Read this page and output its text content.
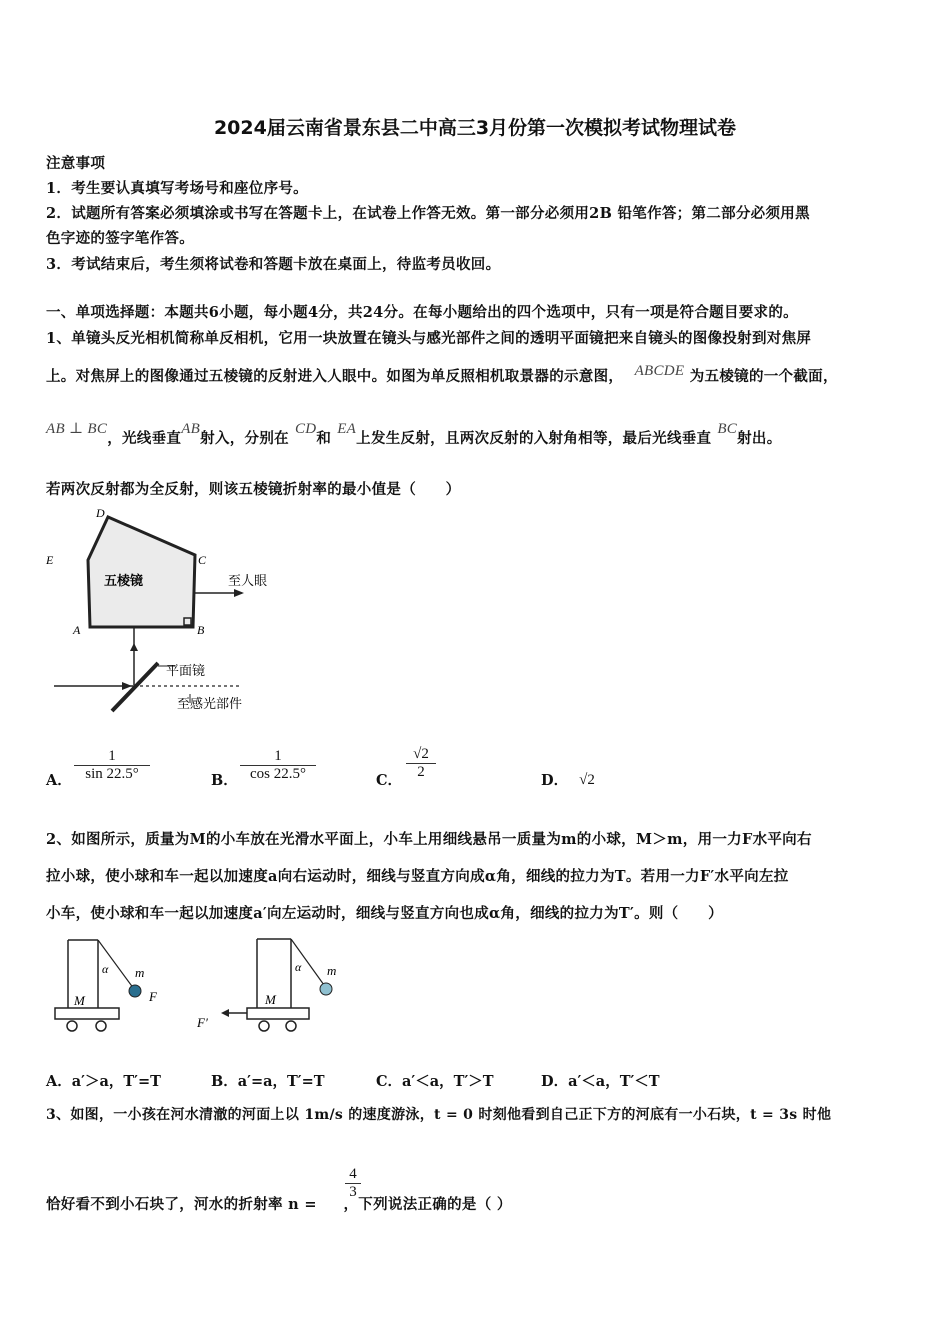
2024届云南省景东县二中高三3月份第一次模拟考试物理试卷
注意事项
1．考生要认真填写考场号和座位序号。
2．试题所有答案必须填涂或书写在答题卡上，在试卷上作答无效。第一部分必须用2B 铅笔作答；第二部分必须用黑
色字迹的签字笔作答。
3．考试结束后，考生须将试卷和答题卡放在桌面上，待监考员收回。
一、单项选择题：本题共6小题，每小题4分，共24分。在每小题给出的四个选项中，只有一项是符合题目要求的。
1、单镜头反光相机简称单反相机，它用一块放置在镜头与感光部件之间的透明平面镜把来自镜头的图像投射到对焦屏
上。对焦屏上的图像通过五棱镜的反射进入人眼中。如图为单反照相机取景器的示意图， ABCDE 为五棱镜的一个截面，
AB ⊥ BC，光线垂直AB射入，分别在CD和EA上发生反射，且两次反射的入射角相等，最后光线垂直BC射出。
若两次反射都为全反射，则该五棱镜折射率的最小值是（　　）
D
E	C
A	B
五棱镜	至人眼
平面镜
至感光部件
A． $\frac{1}{\sin 22.5^\circ}$	B． $\frac{1}{\cos 22.5^\circ}$	C． $\frac{√2}{2}$	D． √2
2、如图所示，质量为M的小车放在光滑水平面上，小车上用细线悬吊一质量为m的小球，M＞m，用一力F水平向右
拉小球，使小球和车一起以加速度a向右运动时，细线与竖直方向成α角，细线的拉力为T。若用一力F′水平向左拉
小车，使小球和车一起以加速度a′向左运动时，细线与竖直方向也成α角，细线的拉力为T′。则（　　）
α m
M	F
α m
M
F′
A．a′＞a，T′=T	B．a′=a，T′=T	C．a′＜a，T′＞T	D．a′＜a，T′＜T
3、如图，一小孩在河水清澈的河面上以 1m/s 的速度游泳，t = 0 时刻他看到自己正下方的河底有一小石块，t = 3s 时他
恰好看不到小石块了，河水的折射率 n =  ，下列说法正确的是（ ）
$\frac{4}{3}$
